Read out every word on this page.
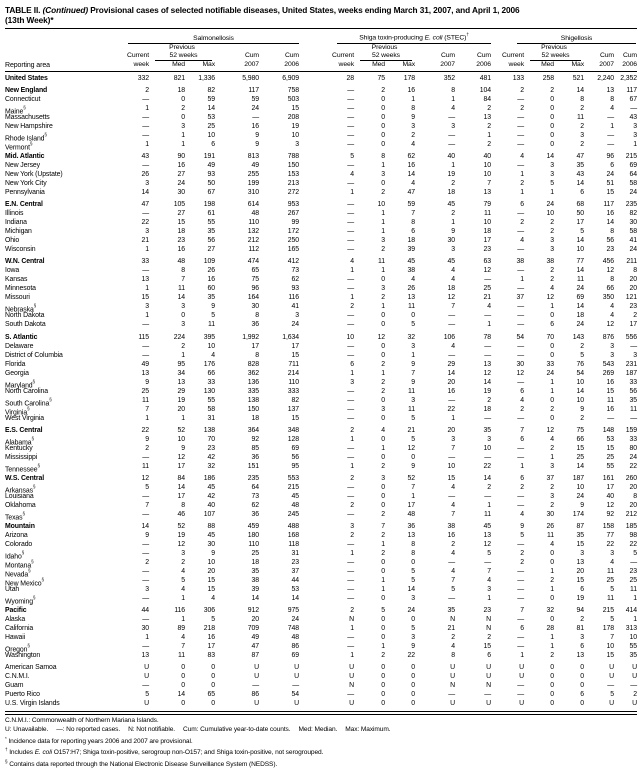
TABLE II. (Continued) Provisional cases of selected notifiable diseases, United States, weeks ending March 31, 2007, and April 1, 2006
(13th Week)*
Reporting area
Salmonellosis
Previous
Current	52 weeks	Cum	Cum
week	Med	Max	2007	2006
Shiga toxin-producing E. coli (STEC)†
Previous
Current	52 weeks	Cum	Cum
week	Med	Max	2007	2006
Shigellosis
Previous
Current	52 weeks	Cum	Cum
week	Med	Max	2007	2006
United States	332	821	1,336	5,980	6,909	28	75	178	352	481	133	258	521	2,240 2,352
New England	2	18	82	117	758	—	2	16	8	104	2	2	14	13	117
Connecticut	—	0	59	59	503	—	0	1	1	84	—	0	8	8	67
Maine§	1	2	14	24	15	—	0	8	4	2	2	0	2	4	—
Massachusetts	—	0	53	—	208	—	0	9	—	13	—	0	11	—	43
New Hampshire	—	3	25	16	19	—	0	3	3	2	—	0	2	1	3
Rhode Island§	—	1	10	9	10	—	0	2	—	1	—	0	3	—	3
Vermont§	1	1	6	9	3	—	0	4	—	2	—	0	2	—	1
Mid. Atlantic	43	90	191	813	788	5	8	62	40	40	4	14	47	96	215
New Jersey	—	16	49	49	150	—	1	16	1	10	—	3	35	6	69
New York (Upstate)	26	27	93	255	153	4	3	14	19	10	1	3	43	24	64
New York City	3	24	50	199	213	—	0	4	2	7	2	5	14	51	58
Pennsylvania	14	30	67	310	272	1	2	47	18	13	1	1	6	15	24
E.N. Central	47	105	198	614	953	—	10	59	45	79	6	24	68	117	235
Illinois	—	27	61	48	267	—	1	7	2	11	—	10	50	16	82
Indiana	22	15	55	110	99	—	1	8	1	10	2	2	17	14	30
Michigan	3	18	35	132	172	—	1	6	9	18	—	2	5	8	58
Ohio	21	23	56	212	250	—	3	18	30	17	4	3	14	56	41
Wisconsin	1	16	27	112	165	—	2	39	3	23	—	3	10	23	24
W.N. Central	33	48	109	474	412	4	11	45	45	63	38	38	77	456	211
Iowa	—	8	26	65	73	1	1	38	4	12	—	2	14	12	8
Kansas	13	7	16	75	62	—	0	4	4	—	1	2	11	8	20
Minnesota	1	11	60	96	93	—	3	26	18	25	—	4	24	66	20
Missouri	15	14	35	164	116	1	2	13	12	21	37	12	69	350	121
Nebraska§	3	3	9	30	41	2	1	11	7	4	—	1	14	4	23
North Dakota	1	0	5	8	3	—	0	0	—	—	—	0	18	4	2
South Dakota	—	3	11	36	24	—	0	5	—	1	—	6	24	12	17
S. Atlantic	115	224	395	1,992	1,634	10	12	32	106	78	54	70	143	876	556
Delaware	—	2	10	17	17	—	0	3	4	—	—	0	2	3	—
District of Columbia	—	1	4	8	15	—	0	1	—	—	—	0	5	3	3
Florida	49	95	176	828	711	6	2	9	29	13	30	33	76	543	231
Georgia	13	34	66	362	214	1	1	7	14	12	12	24	54	269	187
Maryland§	9	13	33	136	110	3	2	9	20	14	—	1	10	16	33
North Carolina	25	29	130	335	333	—	2	11	16	19	6	1	14	15	56
South Carolina§	11	19	55	138	82	—	0	3	—	2	4	0	10	11	35
Virginia§	7	20	58	150	137	—	3	11	22	18	2	2	9	16	11
West Virginia	1	1	31	18	15	—	0	5	1	—	—	0	2	—	—
E.S. Central	22	52	138	364	348	2	4	21	20	35	7	12	75	148	159
Alabama§	9	10	70	92	128	1	0	5	3	3	6	4	66	53	33
Kentucky	2	9	23	85	69	—	1	12	7	10	—	2	15	15	80
Mississippi	—	12	42	36	56	—	0	0	—	—	—	1	25	25	24
Tennessee§	11	17	32	151	95	1	2	9	10	22	1	3	14	55	22
W.S. Central	12	84	186	235	553	2	3	52	15	14	6	37	187	161	260
Arkansas§	5	14	45	64	215	—	0	7	4	2	2	2	10	17	20
Louisiana	—	17	42	73	45	—	0	1	—	—	—	3	24	40	8
Oklahoma	7	8	40	62	48	2	0	17	4	1	—	2	9	12	20
Texas§	—	46	107	36	245	—	2	48	7	11	4	30	174	92	212
Mountain	14	52	88	459	488	3	7	36	38	45	9	26	87	158	185
Arizona	9	19	45	180	168	2	2	13	16	13	5	11	35	77	98
Colorado	—	12	30	110	118	—	1	8	2	12	—	4	15	22	22
Idaho§	—	3	9	25	31	1	2	8	4	5	2	0	3	3	5
Montana§	2	2	10	18	23	—	0	0	—	—	2	0	13	4	—
Nevada§	—	4	20	35	37	—	0	5	4	7	—	1	20	11	23
New Mexico§	—	5	15	38	44	—	1	5	7	4	—	2	15	25	25
Utah	3	4	15	39	53	—	1	14	5	3	—	1	6	5	11
Wyoming§	—	1	4	14	14	—	0	3	—	1	—	0	19	11	1
Pacific	44	116	306	912	975	2	5	24	35	23	7	32	94	215	414
Alaska	—	1	5	20	24	N	0	0	N	N	—	0	2	5	1
California	30	89	218	709	748	1	0	5	21	N	6	28	81	178	313
Hawaii	1	4	16	49	48	—	0	3	2	2	—	1	3	7	10
Oregon§	—	7	17	47	86	—	1	9	4	15	—	1	6	10	55
Washington	13	11	83	87	69	1	2	22	8	6	1	2	13	15	35
American Samoa	U	0	0	U	U	U	0	0	U	U	U	0	0	U	U
C.N.M.I.	U	0	0	U	U	U	0	0	U	U	U	0	0	U	U
Guam	—	0	0	—	—	N	0	0	N	N	—	0	0	—	—
Puerto Rico	5	14	65	86	54	—	0	0	—	—	—	0	6	5	2
U.S. Virgin Islands	U	0	0	U	U	U	0	0	U	U	U	0	0	U	U
C.N.M.I.: Commonwealth of Northern Mariana Islands.
U: Unavailable. —: No reported cases. N: Not notifiable. Cum: Cumulative year-to-date counts. Med: Median. Max: Maximum.
* Incidence data for reporting years 2006 and 2007 are provisional.
† Includes E. coli O157:H7; Shiga toxin-positive, serogroup non-O157; and Shiga toxin-positive, not serogrouped.
§ Contains data reported through the National Electronic Disease Surveillance System (NEDSS).
